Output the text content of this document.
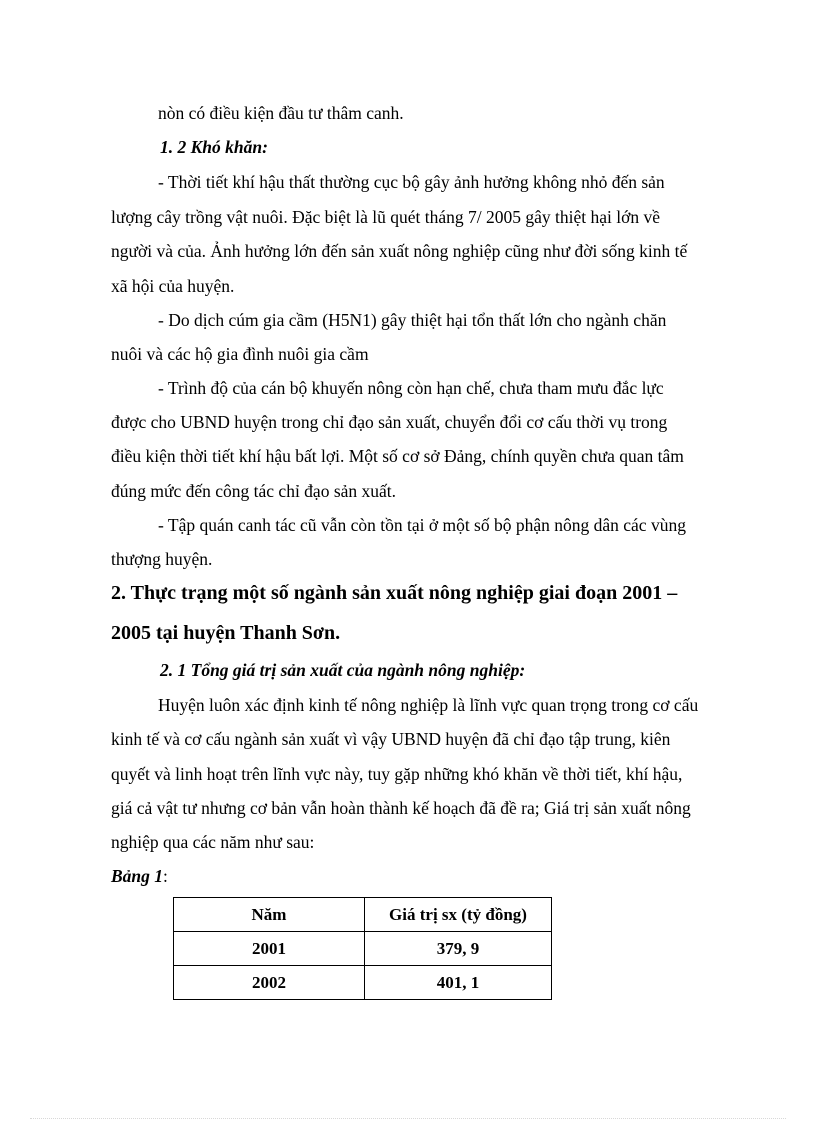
nòn có điều kiện đầu tư thâm canh.
1. 2 Khó khăn:
- Thời tiết khí hậu thất thường cục bộ gây ảnh hưởng không nhỏ đến sản
lượng cây trồng vật nuôi. Đặc biệt là lũ quét tháng 7/ 2005 gây thiệt hại lớn về
người và của. Ảnh hưởng lớn đến sản xuất nông nghiệp cũng như đời sống kinh tế
xã hội của huyện.
- Do dịch cúm gia cầm (H5N1) gây thiệt hại tổn thất lớn cho ngành chăn
nuôi và các hộ gia đình nuôi gia cầm
- Trình độ của cán bộ khuyến nông còn hạn chế, chưa tham mưu đắc lực
được cho UBND huyện trong chỉ đạo sản xuất, chuyển đổi cơ cấu thời vụ trong
điều kiện thời tiết khí hậu bất lợi. Một số cơ sở Đảng, chính quyền chưa quan tâm
đúng mức đến công tác chỉ đạo sản xuất.
- Tập quán canh tác cũ vẫn còn tồn tại ở một số bộ phận nông dân các vùng
thượng huyện.
2. Thực trạng một số ngành sản xuất nông nghiệp giai đoạn 2001 –
2005 tại huyện Thanh Sơn.
2. 1 Tổng giá trị sản xuất của ngành nông nghiệp:
Huyện luôn xác định kinh tế nông nghiệp là lĩnh vực quan trọng trong cơ cấu
kinh tế và cơ cấu ngành sản xuất vì vậy UBND huyện đã chỉ đạo tập trung, kiên
quyết và linh hoạt trên lĩnh vực này, tuy gặp những khó khăn về thời tiết, khí hậu,
giá cả vật tư nhưng cơ bản vẫn hoàn thành kế hoạch đã đề ra; Giá trị sản xuất nông
nghiệp qua các năm như sau:
Bảng 1:
Năm	Giá trị sx (tỷ đồng)
2001	379, 9
2002	401, 1
